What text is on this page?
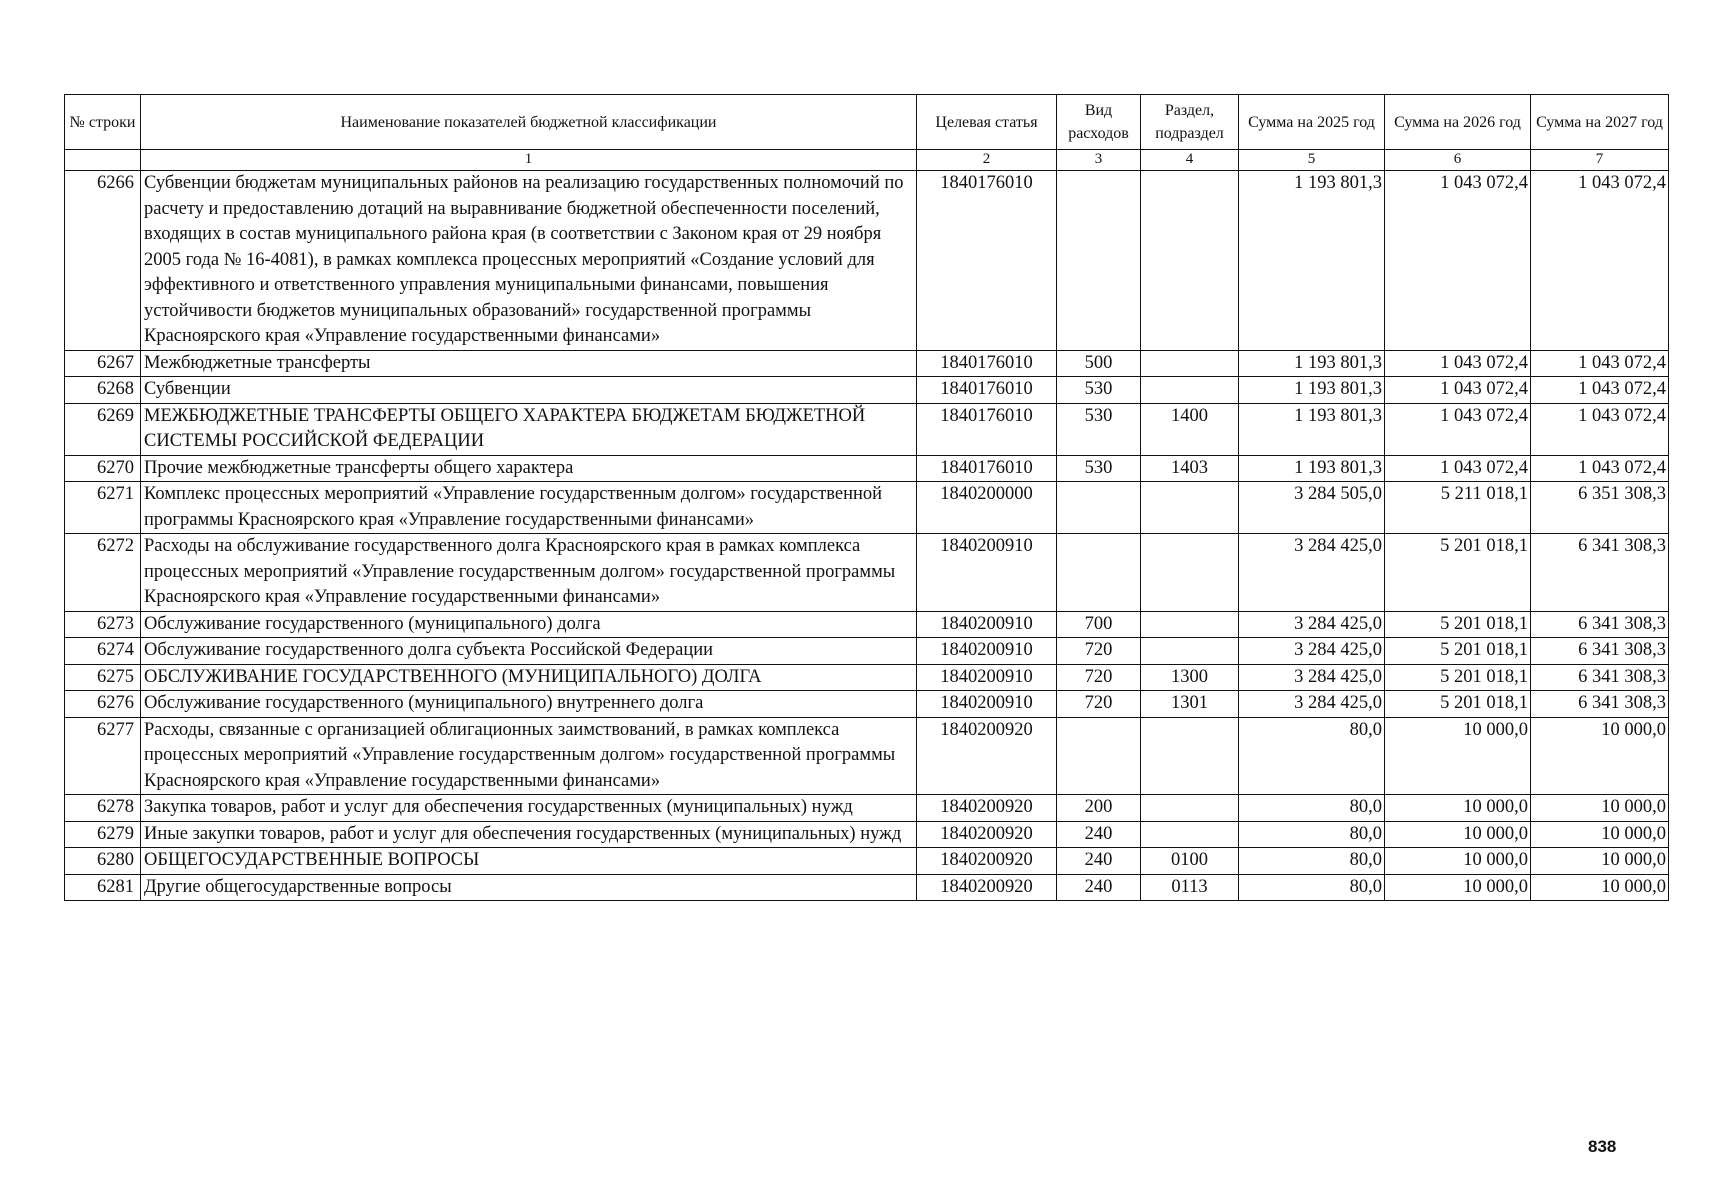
№ строки	Наименование показателей бюджетной классификации	Целевая статья	Вид расходов	Раздел, подраздел	Сумма на 2025 год	Сумма на 2026 год	Сумма на 2027 год
	1	2	3	4	5	6	7
6266	Субвенции бюджетам муниципальных районов на реализацию государственных полномочий по расчету и предоставлению дотаций на выравнивание бюджетной обеспеченности поселений, входящих в состав муниципального района края (в соответствии с Законом края от 29 ноября 2005 года № 16-4081), в рамках комплекса процессных мероприятий «Создание условий для эффективного и ответственного управления муниципальными финансами, повышения устойчивости бюджетов муниципальных образований» государственной программы Красноярского края «Управление государственными финансами»	1840176010			1 193 801,3	1 043 072,4	1 043 072,4
6267	Межбюджетные трансферты	1840176010	500		1 193 801,3	1 043 072,4	1 043 072,4
6268	Субвенции	1840176010	530		1 193 801,3	1 043 072,4	1 043 072,4
6269	МЕЖБЮДЖЕТНЫЕ ТРАНСФЕРТЫ ОБЩЕГО ХАРАКТЕРА БЮДЖЕТАМ БЮДЖЕТНОЙ СИСТЕМЫ РОССИЙСКОЙ ФЕДЕРАЦИИ	1840176010	530	1400	1 193 801,3	1 043 072,4	1 043 072,4
6270	Прочие межбюджетные трансферты общего характера	1840176010	530	1403	1 193 801,3	1 043 072,4	1 043 072,4
6271	Комплекс процессных мероприятий «Управление государственным долгом» государственной программы Красноярского края «Управление государственными финансами»	1840200000			3 284 505,0	5 211 018,1	6 351 308,3
6272	Расходы на обслуживание государственного долга Красноярского края в рамках комплекса процессных мероприятий «Управление государственным долгом» государственной программы Красноярского края «Управление государственными финансами»	1840200910			3 284 425,0	5 201 018,1	6 341 308,3
6273	Обслуживание государственного (муниципального) долга	1840200910	700		3 284 425,0	5 201 018,1	6 341 308,3
6274	Обслуживание государственного долга субъекта Российской Федерации	1840200910	720		3 284 425,0	5 201 018,1	6 341 308,3
6275	ОБСЛУЖИВАНИЕ ГОСУДАРСТВЕННОГО (МУНИЦИПАЛЬНОГО) ДОЛГА	1840200910	720	1300	3 284 425,0	5 201 018,1	6 341 308,3
6276	Обслуживание государственного (муниципального) внутреннего долга	1840200910	720	1301	3 284 425,0	5 201 018,1	6 341 308,3
6277	Расходы, связанные с организацией облигационных заимствований, в рамках комплекса процессных мероприятий «Управление государственным долгом» государственной программы Красноярского края «Управление государственными финансами»	1840200920			80,0	10 000,0	10 000,0
6278	Закупка товаров, работ и услуг для обеспечения государственных (муниципальных) нужд	1840200920	200		80,0	10 000,0	10 000,0
6279	Иные закупки товаров, работ и услуг для обеспечения государственных (муниципальных) нужд	1840200920	240		80,0	10 000,0	10 000,0
6280	ОБЩЕГОСУДАРСТВЕННЫЕ ВОПРОСЫ	1840200920	240	0100	80,0	10 000,0	10 000,0
6281	Другие общегосударственные вопросы	1840200920	240	0113	80,0	10 000,0	10 000,0
838
